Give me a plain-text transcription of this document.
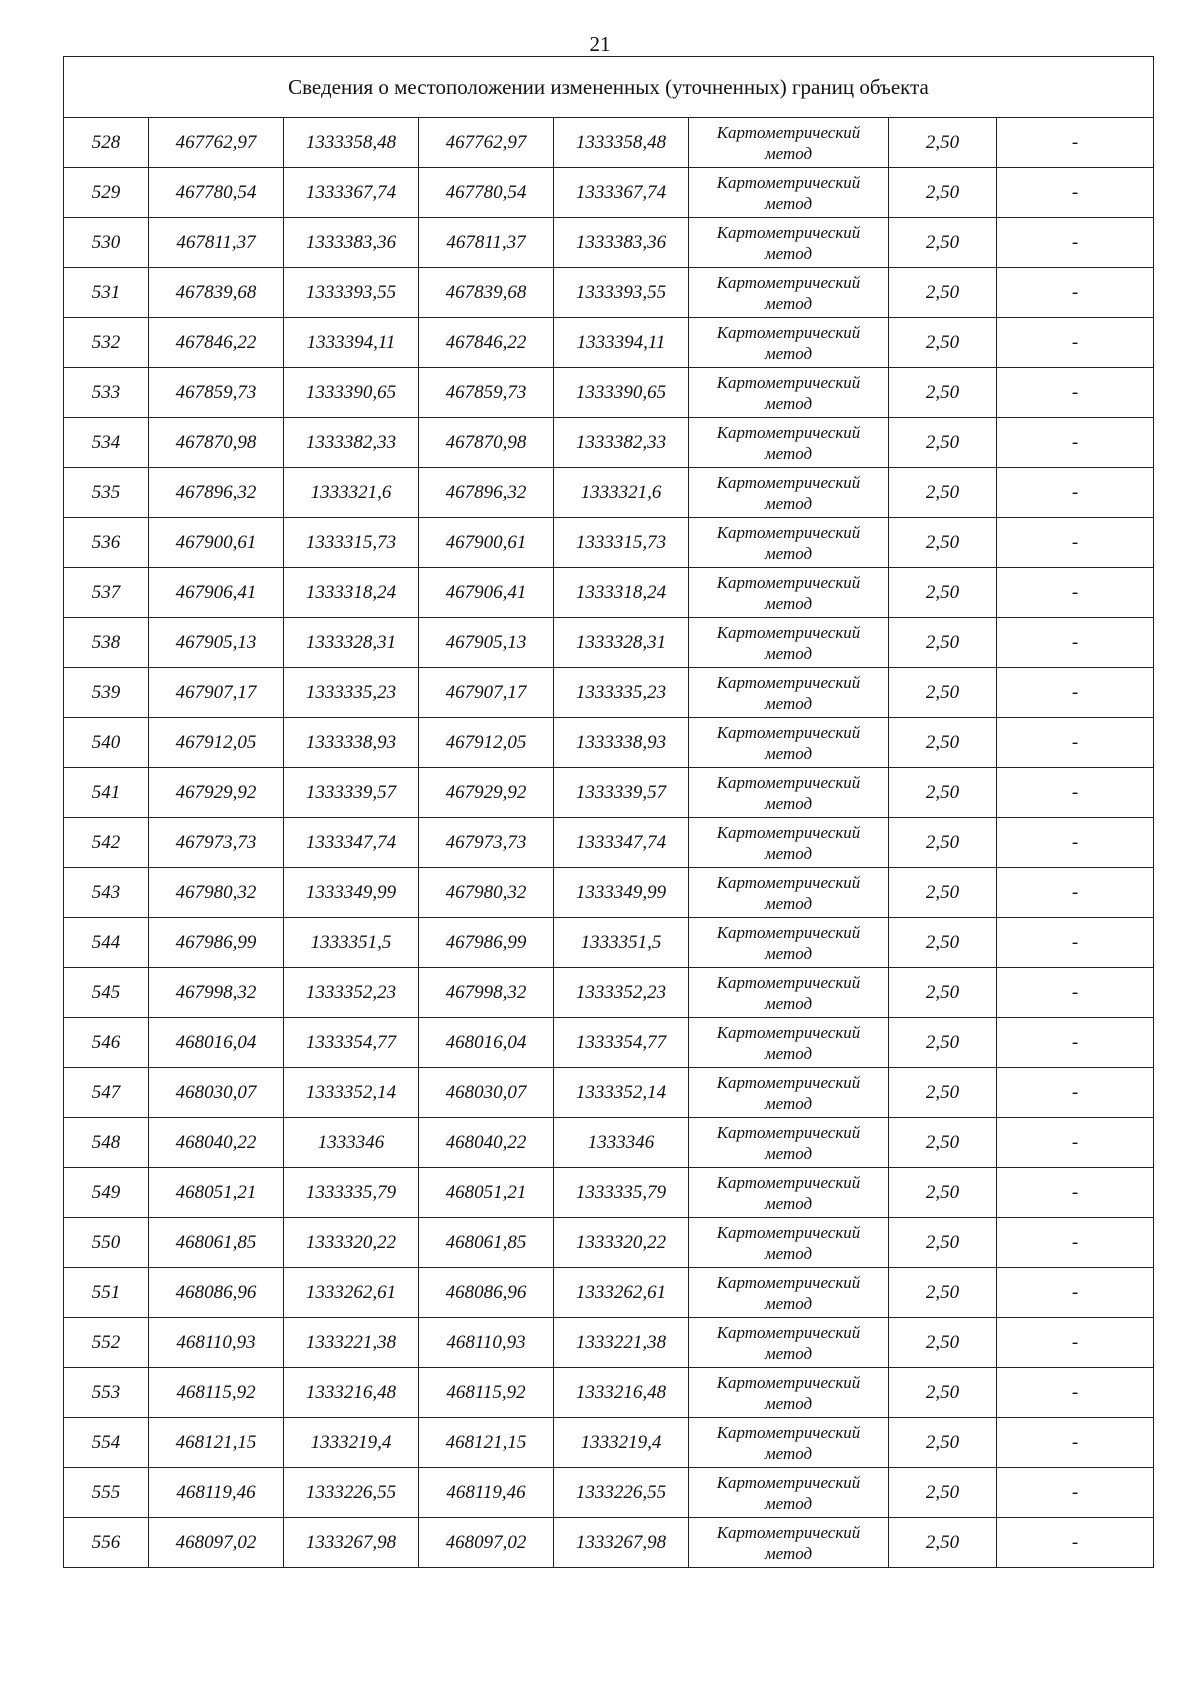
21
Сведения о местоположении измененных (уточненных) границ объекта							
528	467762,97	1333358,48	467762,97	1333358,48	Картометрический
метод	2,50	-
529	467780,54	1333367,74	467780,54	1333367,74	Картометрический
метод	2,50	-
530	467811,37	1333383,36	467811,37	1333383,36	Картометрический
метод	2,50	-
531	467839,68	1333393,55	467839,68	1333393,55	Картометрический
метод	2,50	-
532	467846,22	1333394,11	467846,22	1333394,11	Картометрический
метод	2,50	-
533	467859,73	1333390,65	467859,73	1333390,65	Картометрический
метод	2,50	-
534	467870,98	1333382,33	467870,98	1333382,33	Картометрический
метод	2,50	-
535	467896,32	1333321,6	467896,32	1333321,6	Картометрический
метод	2,50	-
536	467900,61	1333315,73	467900,61	1333315,73	Картометрический
метод	2,50	-
537	467906,41	1333318,24	467906,41	1333318,24	Картометрический
метод	2,50	-
538	467905,13	1333328,31	467905,13	1333328,31	Картометрический
метод	2,50	-
539	467907,17	1333335,23	467907,17	1333335,23	Картометрический
метод	2,50	-
540	467912,05	1333338,93	467912,05	1333338,93	Картометрический
метод	2,50	-
541	467929,92	1333339,57	467929,92	1333339,57	Картометрический
метод	2,50	-
542	467973,73	1333347,74	467973,73	1333347,74	Картометрический
метод	2,50	-
543	467980,32	1333349,99	467980,32	1333349,99	Картометрический
метод	2,50	-
544	467986,99	1333351,5	467986,99	1333351,5	Картометрический
метод	2,50	-
545	467998,32	1333352,23	467998,32	1333352,23	Картометрический
метод	2,50	-
546	468016,04	1333354,77	468016,04	1333354,77	Картометрический
метод	2,50	-
547	468030,07	1333352,14	468030,07	1333352,14	Картометрический
метод	2,50	-
548	468040,22	1333346	468040,22	1333346	Картометрический
метод	2,50	-
549	468051,21	1333335,79	468051,21	1333335,79	Картометрический
метод	2,50	-
550	468061,85	1333320,22	468061,85	1333320,22	Картометрический
метод	2,50	-
551	468086,96	1333262,61	468086,96	1333262,61	Картометрический
метод	2,50	-
552	468110,93	1333221,38	468110,93	1333221,38	Картометрический
метод	2,50	-
553	468115,92	1333216,48	468115,92	1333216,48	Картометрический
метод	2,50	-
554	468121,15	1333219,4	468121,15	1333219,4	Картометрический
метод	2,50	-
555	468119,46	1333226,55	468119,46	1333226,55	Картометрический
метод	2,50	-
556	468097,02	1333267,98	468097,02	1333267,98	Картометрический
метод	2,50	-
